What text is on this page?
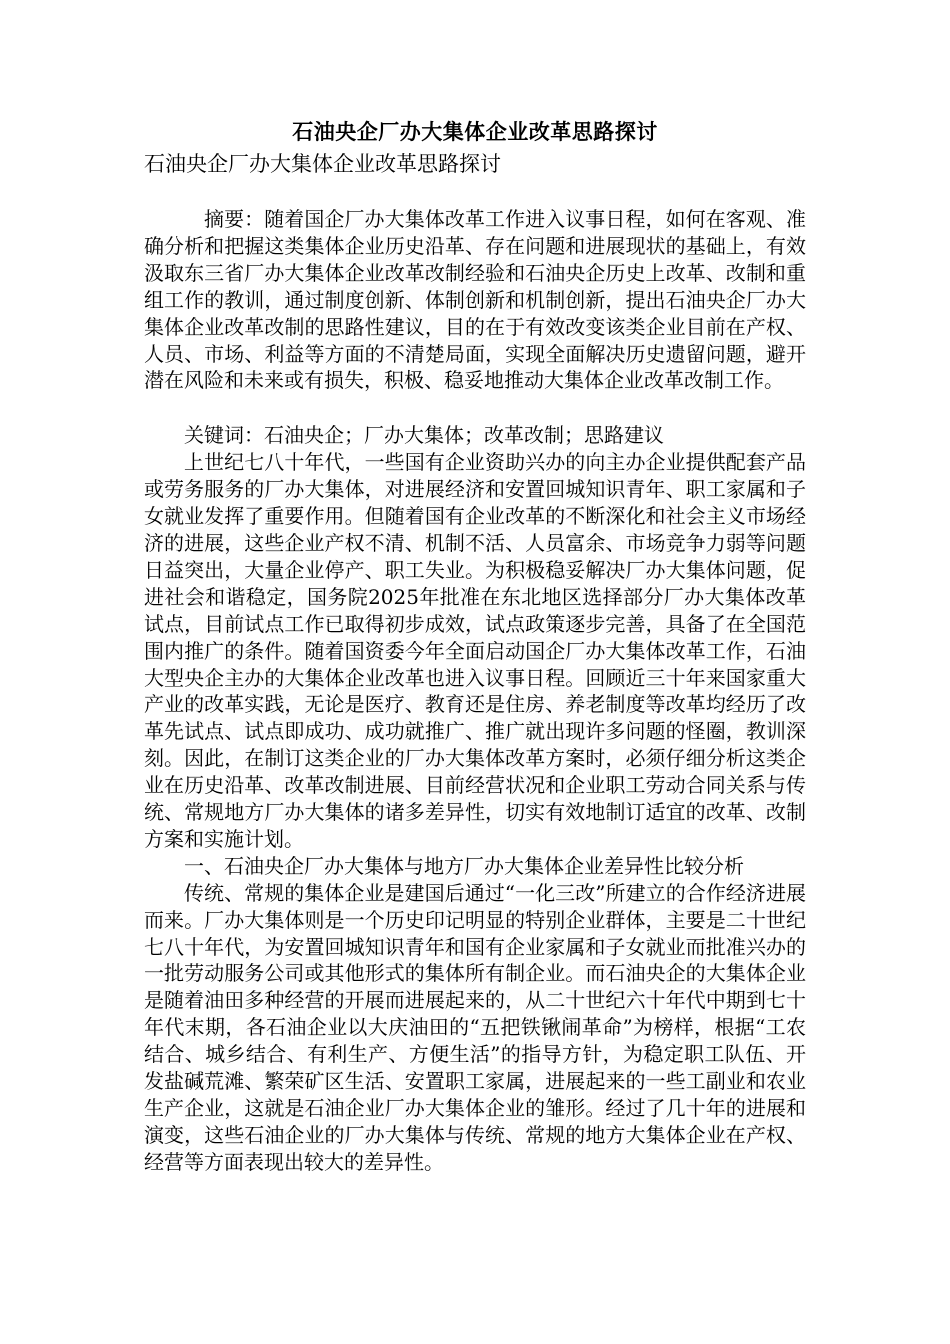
石油央企厂办大集体企业改革思路探讨
石油央企厂办大集体企业改革思路探讨

摘要：随着国企厂办大集体改革工作进入议事日程，如何在客观、准确分析和把握这类集体企业历史沿革、存在问题和进展现状的基础上，有效汲取东三省厂办大集体企业改革改制经验和石油央企历史上改革、改制和重组工作的教训，通过制度创新、体制创新和机制创新，提出石油央企厂办大集体企业改革改制的思路性建议，目的在于有效改变该类企业目前在产权、人员、市场、利益等方面的不清楚局面，实现全面解决历史遗留问题，避开潜在风险和未来或有损失，积极、稳妥地推动大集体企业改革改制工作。

关键词：石油央企；厂办大集体；改革改制；思路建议

上世纪七八十年代，一些国有企业资助兴办的向主办企业提供配套产品或劳务服务的厂办大集体，对进展经济和安置回城知识青年、职工家属和子女就业发挥了重要作用。但随着国有企业改革的不断深化和社会主义市场经济的进展，这些企业产权不清、机制不活、人员富余、市场竞争力弱等问题日益突出，大量企业停产、职工失业。为积极稳妥解决厂办大集体问题，促进社会和谐稳定，国务院2025年批准在东北地区选择部分厂办大集体改革试点，目前试点工作已取得初步成效，试点政策逐步完善，具备了在全国范围内推广的条件。随着国资委今年全面启动国企厂办大集体改革工作，石油大型央企主办的大集体企业改革也进入议事日程。回顾近三十年来国家重大产业的改革实践，无论是医疗、教育还是住房、养老制度等改革均经历了改革先试点、试点即成功、成功就推广、推广就出现许多问题的怪圈，教训深刻。因此，在制订这类企业的厂办大集体改革方案时，必须仔细分析这类企业在历史沿革、改革改制进展、目前经营状况和企业职工劳动合同关系与传统、常规地方厂办大集体的诸多差异性，切实有效地制订适宜的改革、改制方案和实施计划。

一、石油央企厂办大集体与地方厂办大集体企业差异性比较分析

传统、常规的集体企业是建国后通过“一化三改”所建立的合作经济进展而来。厂办大集体则是一个历史印记明显的特别企业群体，主要是二十世纪七八十年代，为安置回城知识青年和国有企业家属和子女就业而批准兴办的一批劳动服务公司或其他形式的集体所有制企业。而石油央企的大集体企业是随着油田多种经营的开展而进展起来的，从二十世纪六十年代中期到七十年代末期，各石油企业以大庆油田的“五把铁锹闹革命”为榜样，根据“工农结合、城乡结合、有利生产、方便生活”的指导方针，为稳定职工队伍、开发盐碱荒滩、繁荣矿区生活、安置职工家属，进展起来的一些工副业和农业生产企业，这就是石油企业厂办大集体企业的雏形。经过了几十年的进展和演变，这些石油企业的厂办大集体与传统、常规的地方大集体企业在产权、经营等方面表现出较大的差异性。
